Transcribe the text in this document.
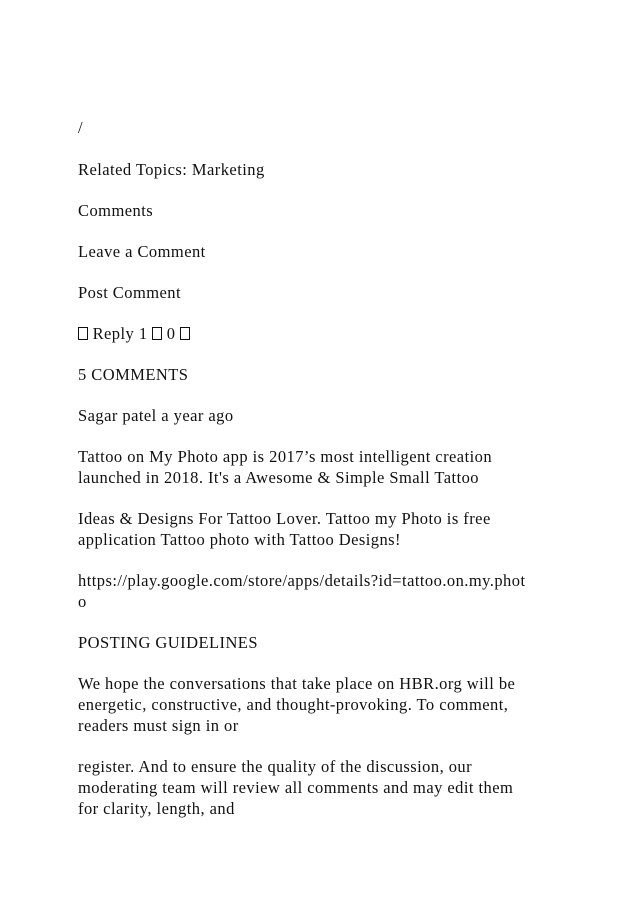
/

Related Topics: Marketing

Comments

Leave a Comment

Post Comment

Reply 1 0

5 COMMENTS

Sagar patel a year ago

Tattoo on My Photo app is 2017’s most intelligent creation

launched in 2018. It's a Awesome & Simple Small Tattoo

Ideas & Designs For Tattoo Lover. Tattoo my Photo is free

application Tattoo photo with Tattoo Designs!

https://play.google.com/store/apps/details?id=tattoo.on.my.phot

o

POSTING GUIDELINES

We hope the conversations that take place on HBR.org will be

energetic, constructive, and thought-provoking. To comment,

readers must sign in or

register. And to ensure the quality of the discussion, our

moderating team will review all comments and may edit them

for clarity, length, and
